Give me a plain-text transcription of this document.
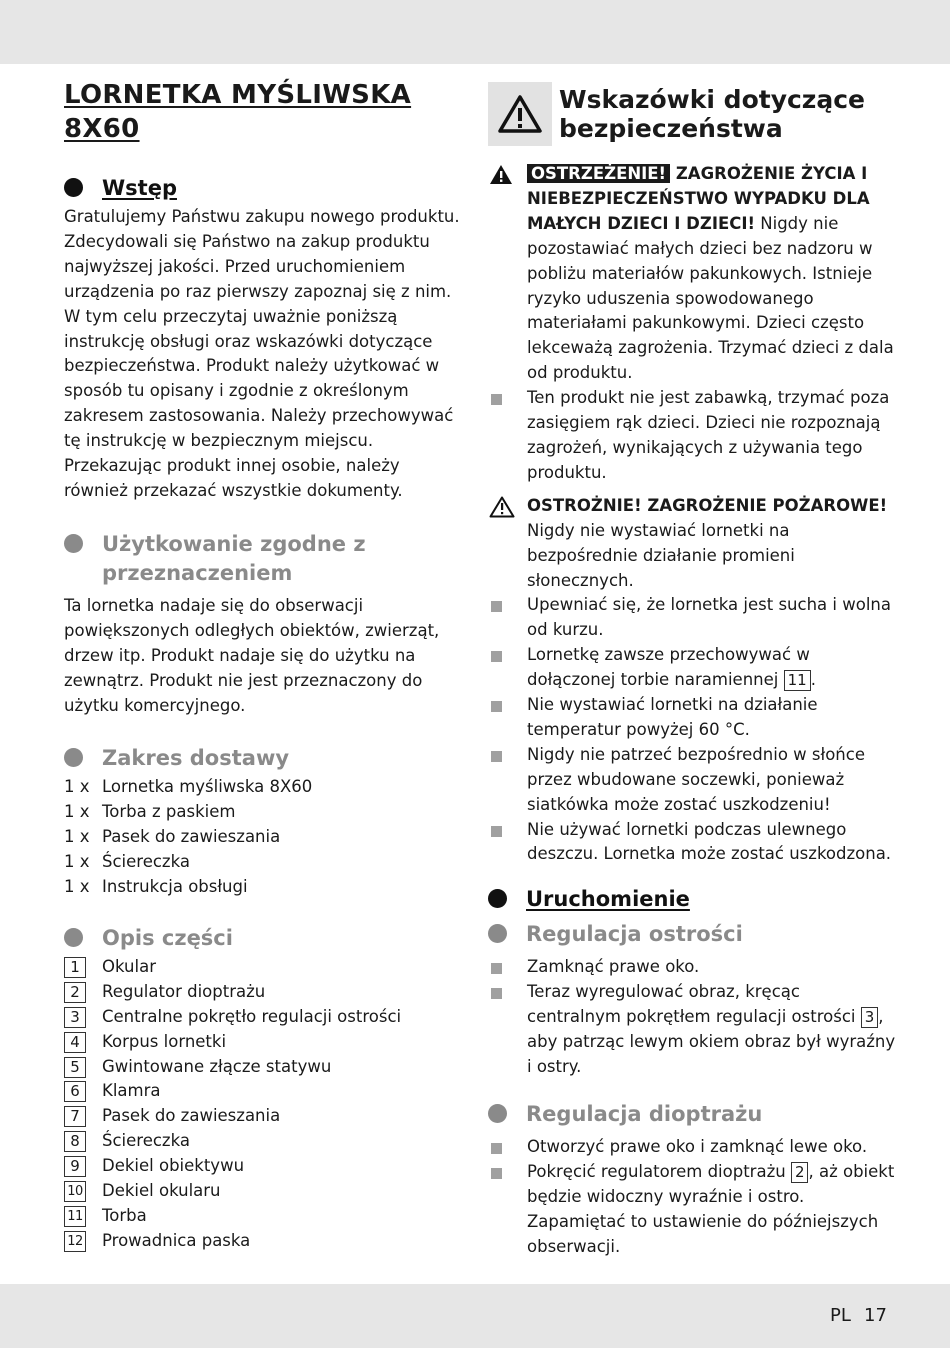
LORNETKA MYŚLIWSKA
8X60
Wstęp
Gratulujemy Państwu zakupu nowego produktu. Zdecydowali się Państwo na zakup produktu najwyższej jakości. Przed uruchomieniem urządzenia po raz pierwszy zapoznaj się z nim. W tym celu przeczytaj uważnie poniższą instrukcję obsługi oraz wskazówki dotyczące bezpieczeństwa. Produkt należy użytkować w sposób tu opisany i zgodnie z określonym zakresem zastosowania. Należy przechowywać tę instrukcję w bezpiecznym miejscu. Przekazując produkt innej osobie, należy również przekazać wszystkie dokumenty.
Użytkowanie zgodne z
przeznaczeniem
Ta lornetka nadaje się do obserwacji powiększonych odległych obiektów, zwierząt, drzew itp. Produkt nadaje się do użytku na zewnątrz. Produkt nie jest przeznaczony do użytku komercyjnego.
Zakres dostawy
1 x Lornetka myśliwska 8X60
1 x Torba z paskiem
1 x Pasek do zawieszania
1 x Ściereczka
1 x Instrukcja obsługi
Opis części
1	Okular
2	Regulator dioptrażu
3	Centralne pokrętło regulacji ostrości
4	Korpus lornetki
5	Gwintowane złącze statywu
6	Klamra
7	Pasek do zawieszania
8	Ściereczka
9	Dekiel obiektywu
10 Dekiel okularu
11 Torba
12 Prowadnica paska
Wskazówki dotyczące
bezpieczeństwa
OSTRZEŻENIE! ZAGROŻENIE ŻYCIA I NIEBEZPIECZEŃSTWO WYPADKU DLA MAŁYCH DZIECI I DZIECI! Nigdy nie pozostawiać małych dzieci bez nadzoru w pobliżu materiałów pakunkowych. Istnieje ryzyko uduszenia spowodowanego materiałami pakunkowymi. Dzieci często lekceważą zagrożenia. Trzymać dzieci z dala od produktu.
Ten produkt nie jest zabawką, trzymać poza zasięgiem rąk dzieci. Dzieci nie rozpoznają zagrożeń, wynikających z używania tego produktu.
OSTROŻNIE! ZAGROŻENIE POŻAROWE! Nigdy nie wystawiać lornetki na bezpośrednie działanie promieni słonecznych.
Upewniać się, że lornetka jest sucha i wolna od kurzu.
Lornetkę zawsze przechowywać w dołączonej torbie naramiennej 11 .
Nie wystawiać lornetki na działanie temperatur powyżej 60 °C.
Nigdy nie patrzeć bezpośrednio w słońce przez wbudowane soczewki, ponieważ siatkówka może zostać uszkodzeniu!
Nie używać lornetki podczas ulewnego deszczu. Lornetka może zostać uszkodzona.
Uruchomienie
Regulacja ostrości
Zamknąć prawe oko.
Teraz wyregulować obraz, kręcąc centralnym pokrętłem regulacji ostrości 3 , aby patrząc lewym okiem obraz był wyraźny i ostry.
Regulacja dioptrażu
Otworzyć prawe oko i zamknąć lewe oko.
Pokręcić regulatorem dioptrażu 2 , aż obiekt będzie widoczny wyraźnie i ostro. Zapamiętać to ustawienie do późniejszych obserwacji.
PL 17
